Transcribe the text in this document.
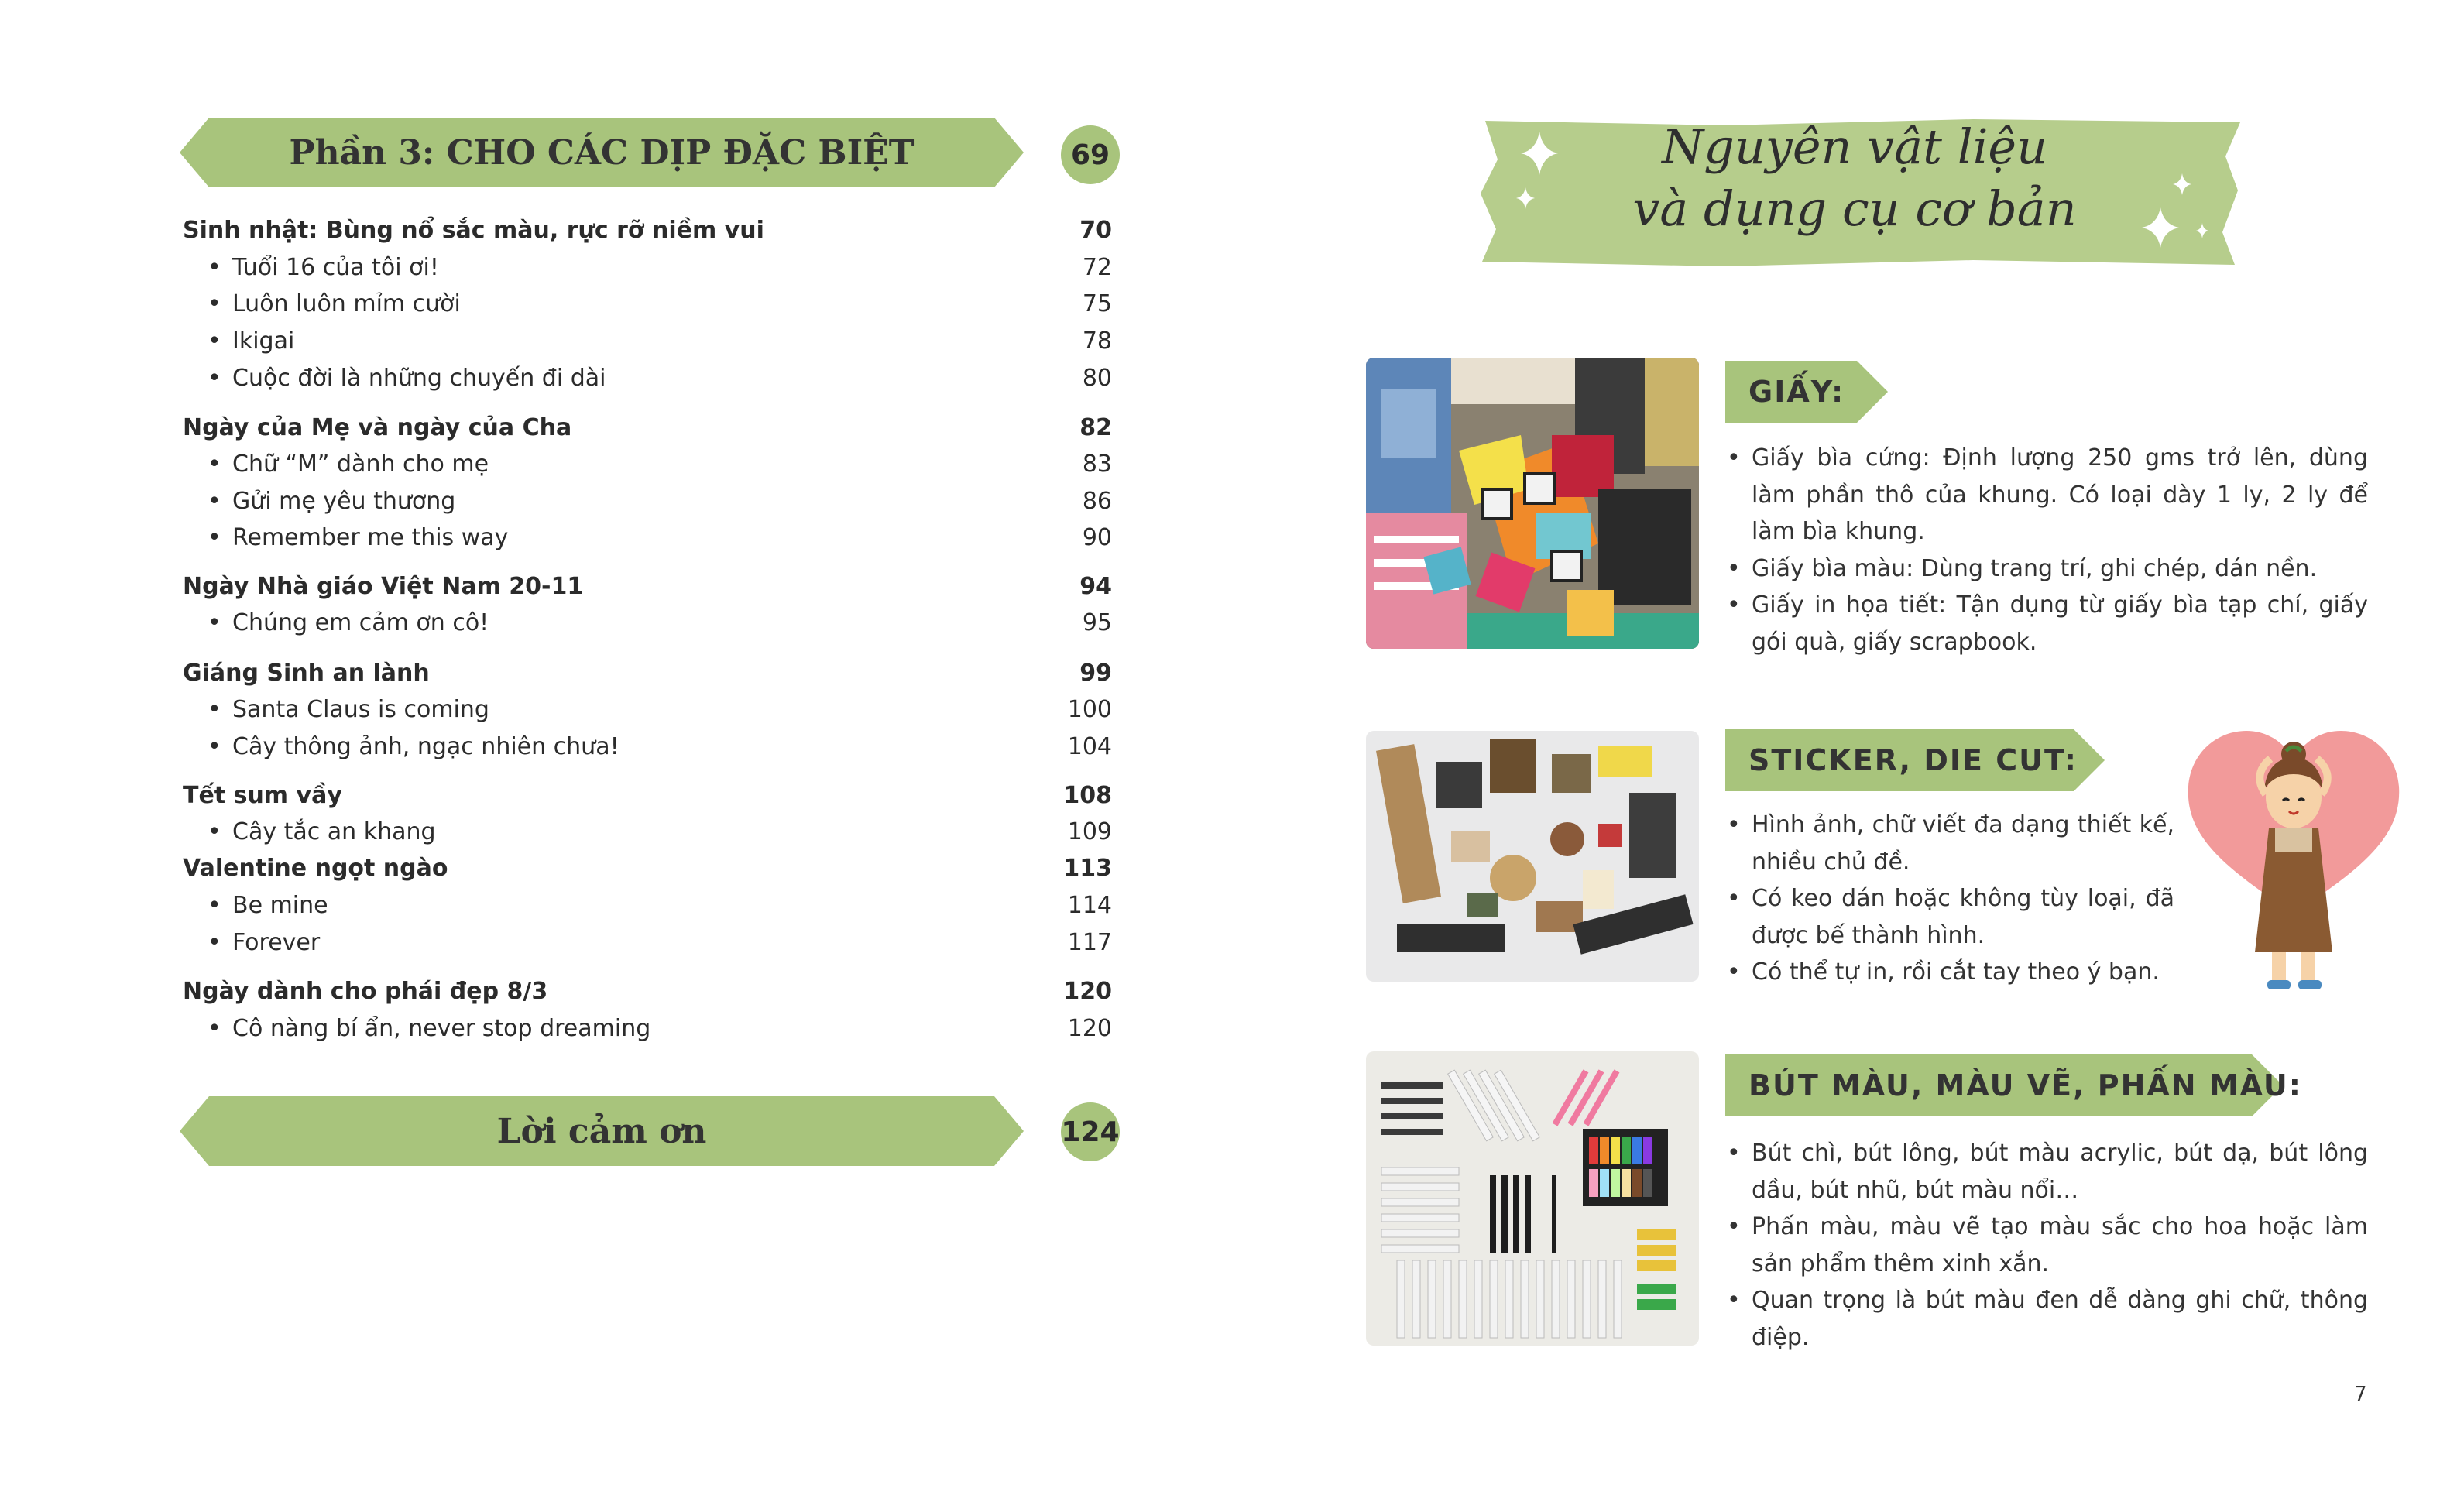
Phần 3: CHO CÁC DỊP ĐẶC BIỆT	69
Sinh nhật: Bùng nổ sắc màu, rực rỡ niềm vui	70
• Tuổi 16 của tôi ơi!	72
• Luôn luôn mỉm cười	75
• Ikigai	78
• Cuộc đời là những chuyến đi dài	80
Ngày của Mẹ và ngày của Cha	82
• Chữ “M” dành cho mẹ	83
• Gửi mẹ yêu thương	86
• Remember me this way	90
Ngày Nhà giáo Việt Nam 20-11	94
• Chúng em cảm ơn cô!	95
Giáng Sinh an lành	99
• Santa Claus is coming	100
• Cây thông ảnh, ngạc nhiên chưa!	104
Tết sum vầy	108
• Cây tắc an khang	109
Valentine ngọt ngào	113
• Be mine	114
• Forever	117
Ngày dành cho phái đẹp 8/3	120
• Cô nàng bí ẩn, never stop dreaming	120
Lời cảm ơn	124
Nguyên vật liệu
và dụng cụ cơ bản
GIẤY:
• Giấy bìa cứng: Định lượng 250 gms trở lên, dùng làm phần thô của khung. Có loại dày 1 ly, 2 ly để làm bìa khung.
• Giấy bìa màu: Dùng trang trí, ghi chép, dán nền.
• Giấy in họa tiết: Tận dụng từ giấy bìa tạp chí, giấy gói quà, giấy scrapbook.
STICKER, DIE CUT:
• Hình ảnh, chữ viết đa dạng thiết kế, nhiều chủ đề.
• Có keo dán hoặc không tùy loại, đã được bế thành hình.
• Có thể tự in, rồi cắt tay theo ý bạn.
BÚT MÀU, MÀU VẼ, PHẤN MÀU:
• Bút chì, bút lông, bút màu acrylic, bút dạ, bút lông dầu, bút nhũ, bút màu nổi…
• Phấn màu, màu vẽ tạo màu sắc cho hoa hoặc làm sản phẩm thêm xinh xắn.
• Quan trọng là bút màu đen dễ dàng ghi chữ, thông điệp.
7
